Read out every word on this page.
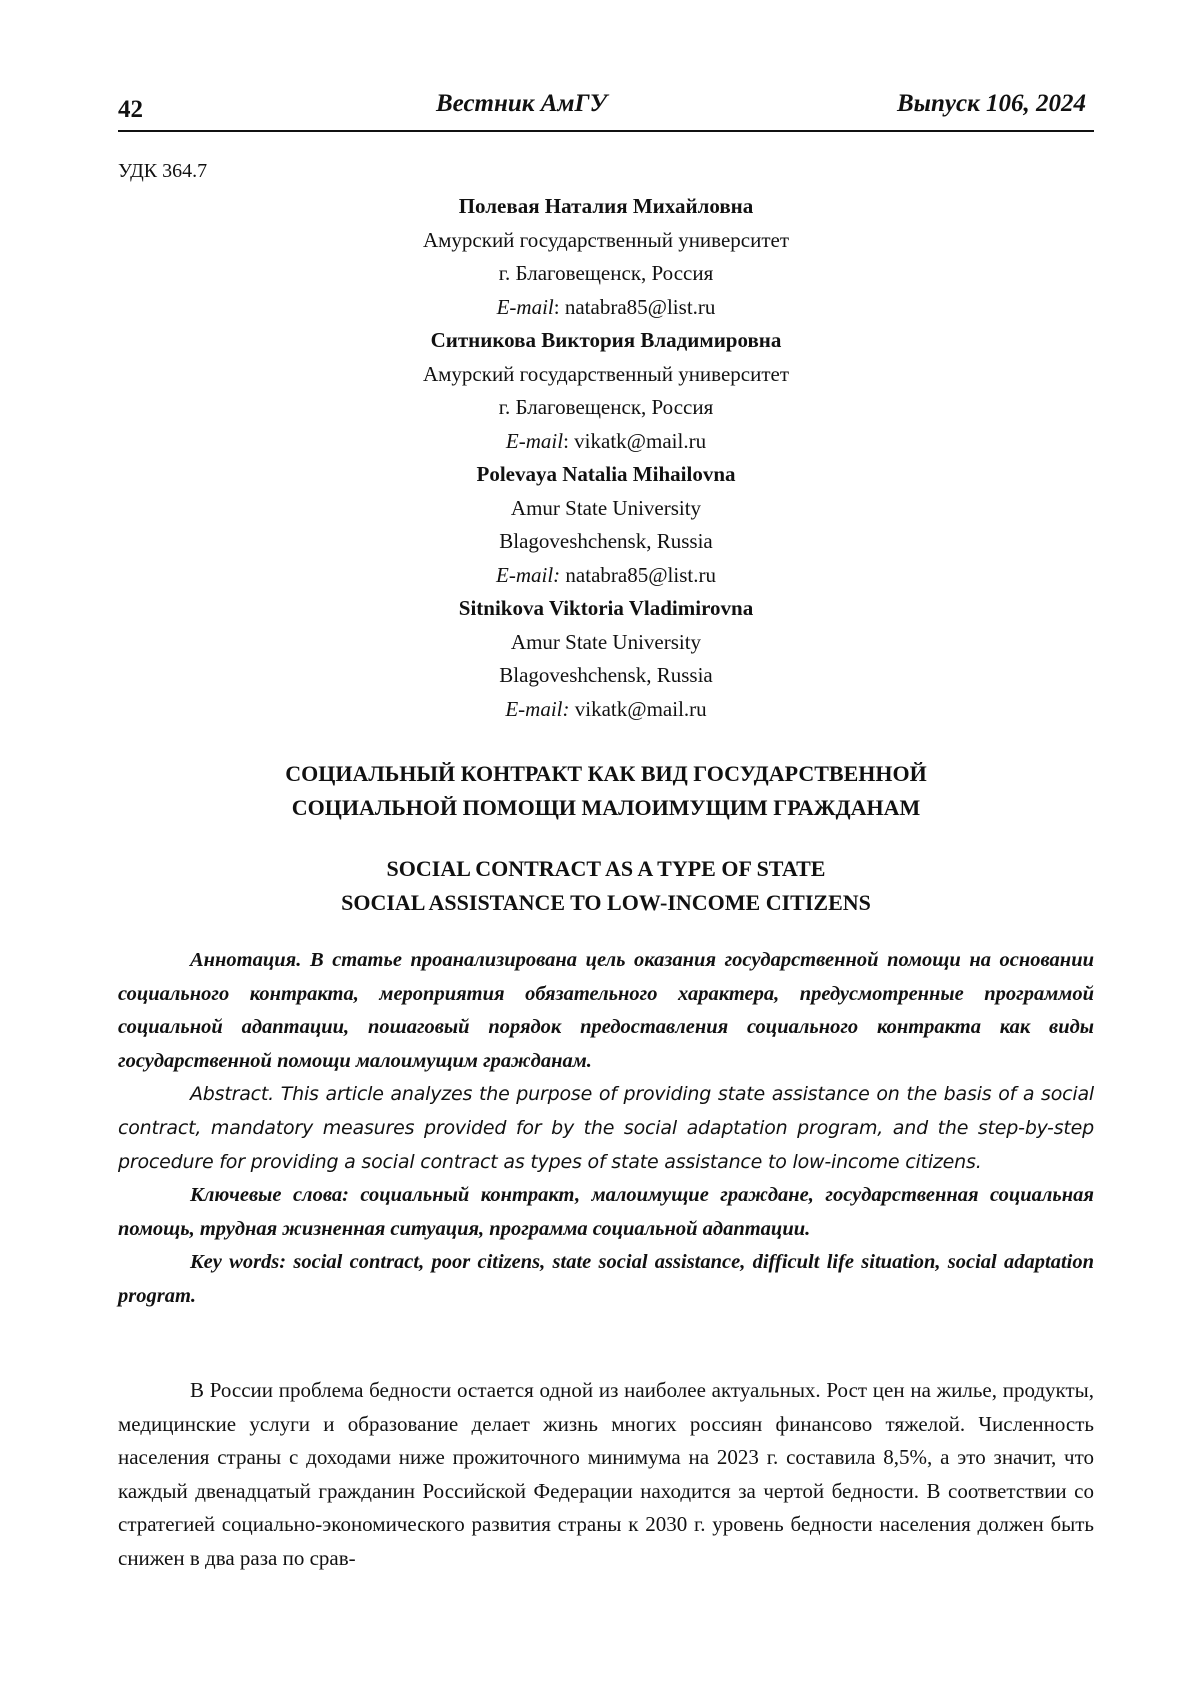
42	Вестник АмГУ	Выпуск 106, 2024
УДК 364.7
Полевая Наталия Михайловна
Амурский государственный университет
г. Благовещенск, Россия
E-mail: natabra85@list.ru
Ситникова Виктория Владимировна
Амурский государственный университет
г. Благовещенск, Россия
E-mail: vikatk@mail.ru
Polevaya Natalia Mihailovna
Amur State University
Blagoveshchensk, Russia
E-mail: natabra85@list.ru
Sitnikova Viktoria Vladimirovna
Amur State University
Blagoveshchensk, Russia
E-mail: vikatk@mail.ru
СОЦИАЛЬНЫЙ КОНТРАКТ КАК ВИД ГОСУДАРСТВЕННОЙ
СОЦИАЛЬНОЙ ПОМОЩИ МАЛОИМУЩИМ ГРАЖДАНАМ
SOCIAL CONTRACT AS A TYPE OF STATE
SOCIAL ASSISTANCE TO LOW-INCOME CITIZENS

Аннотация. В статье проанализирована цель оказания государственной помощи на основании социального контракта, мероприятия обязательного характера, предусмотренные программой социальной адаптации, пошаговый порядок предоставления социального контракта как виды государственной помощи малоимущим гражданам.

Abstract. This article analyzes the purpose of providing state assistance on the basis of a social contract, mandatory measures provided for by the social adaptation program, and the step-by-step procedure for providing a social contract as types of state assistance to low-income citizens.

Ключевые слова: социальный контракт, малоимущие граждане, государственная социальная помощь, трудная жизненная ситуация, программа социальной адаптации.

Key words: social contract, poor citizens, state social assistance, difficult life situation, social adaptation program.

В России проблема бедности остается одной из наиболее актуальных. Рост цен на жилье, продукты, медицинские услуги и образование делает жизнь многих россиян финансово тяжелой. Численность населения страны с доходами ниже прожиточного минимума на 2023 г. составила 8,5%, а это значит, что каждый двенадцатый гражданин Российской Федерации находится за чертой бедности. В соответствии со стратегией социально-экономического развития страны к 2030 г. уровень бедности населения должен быть снижен в два раза по срав-
